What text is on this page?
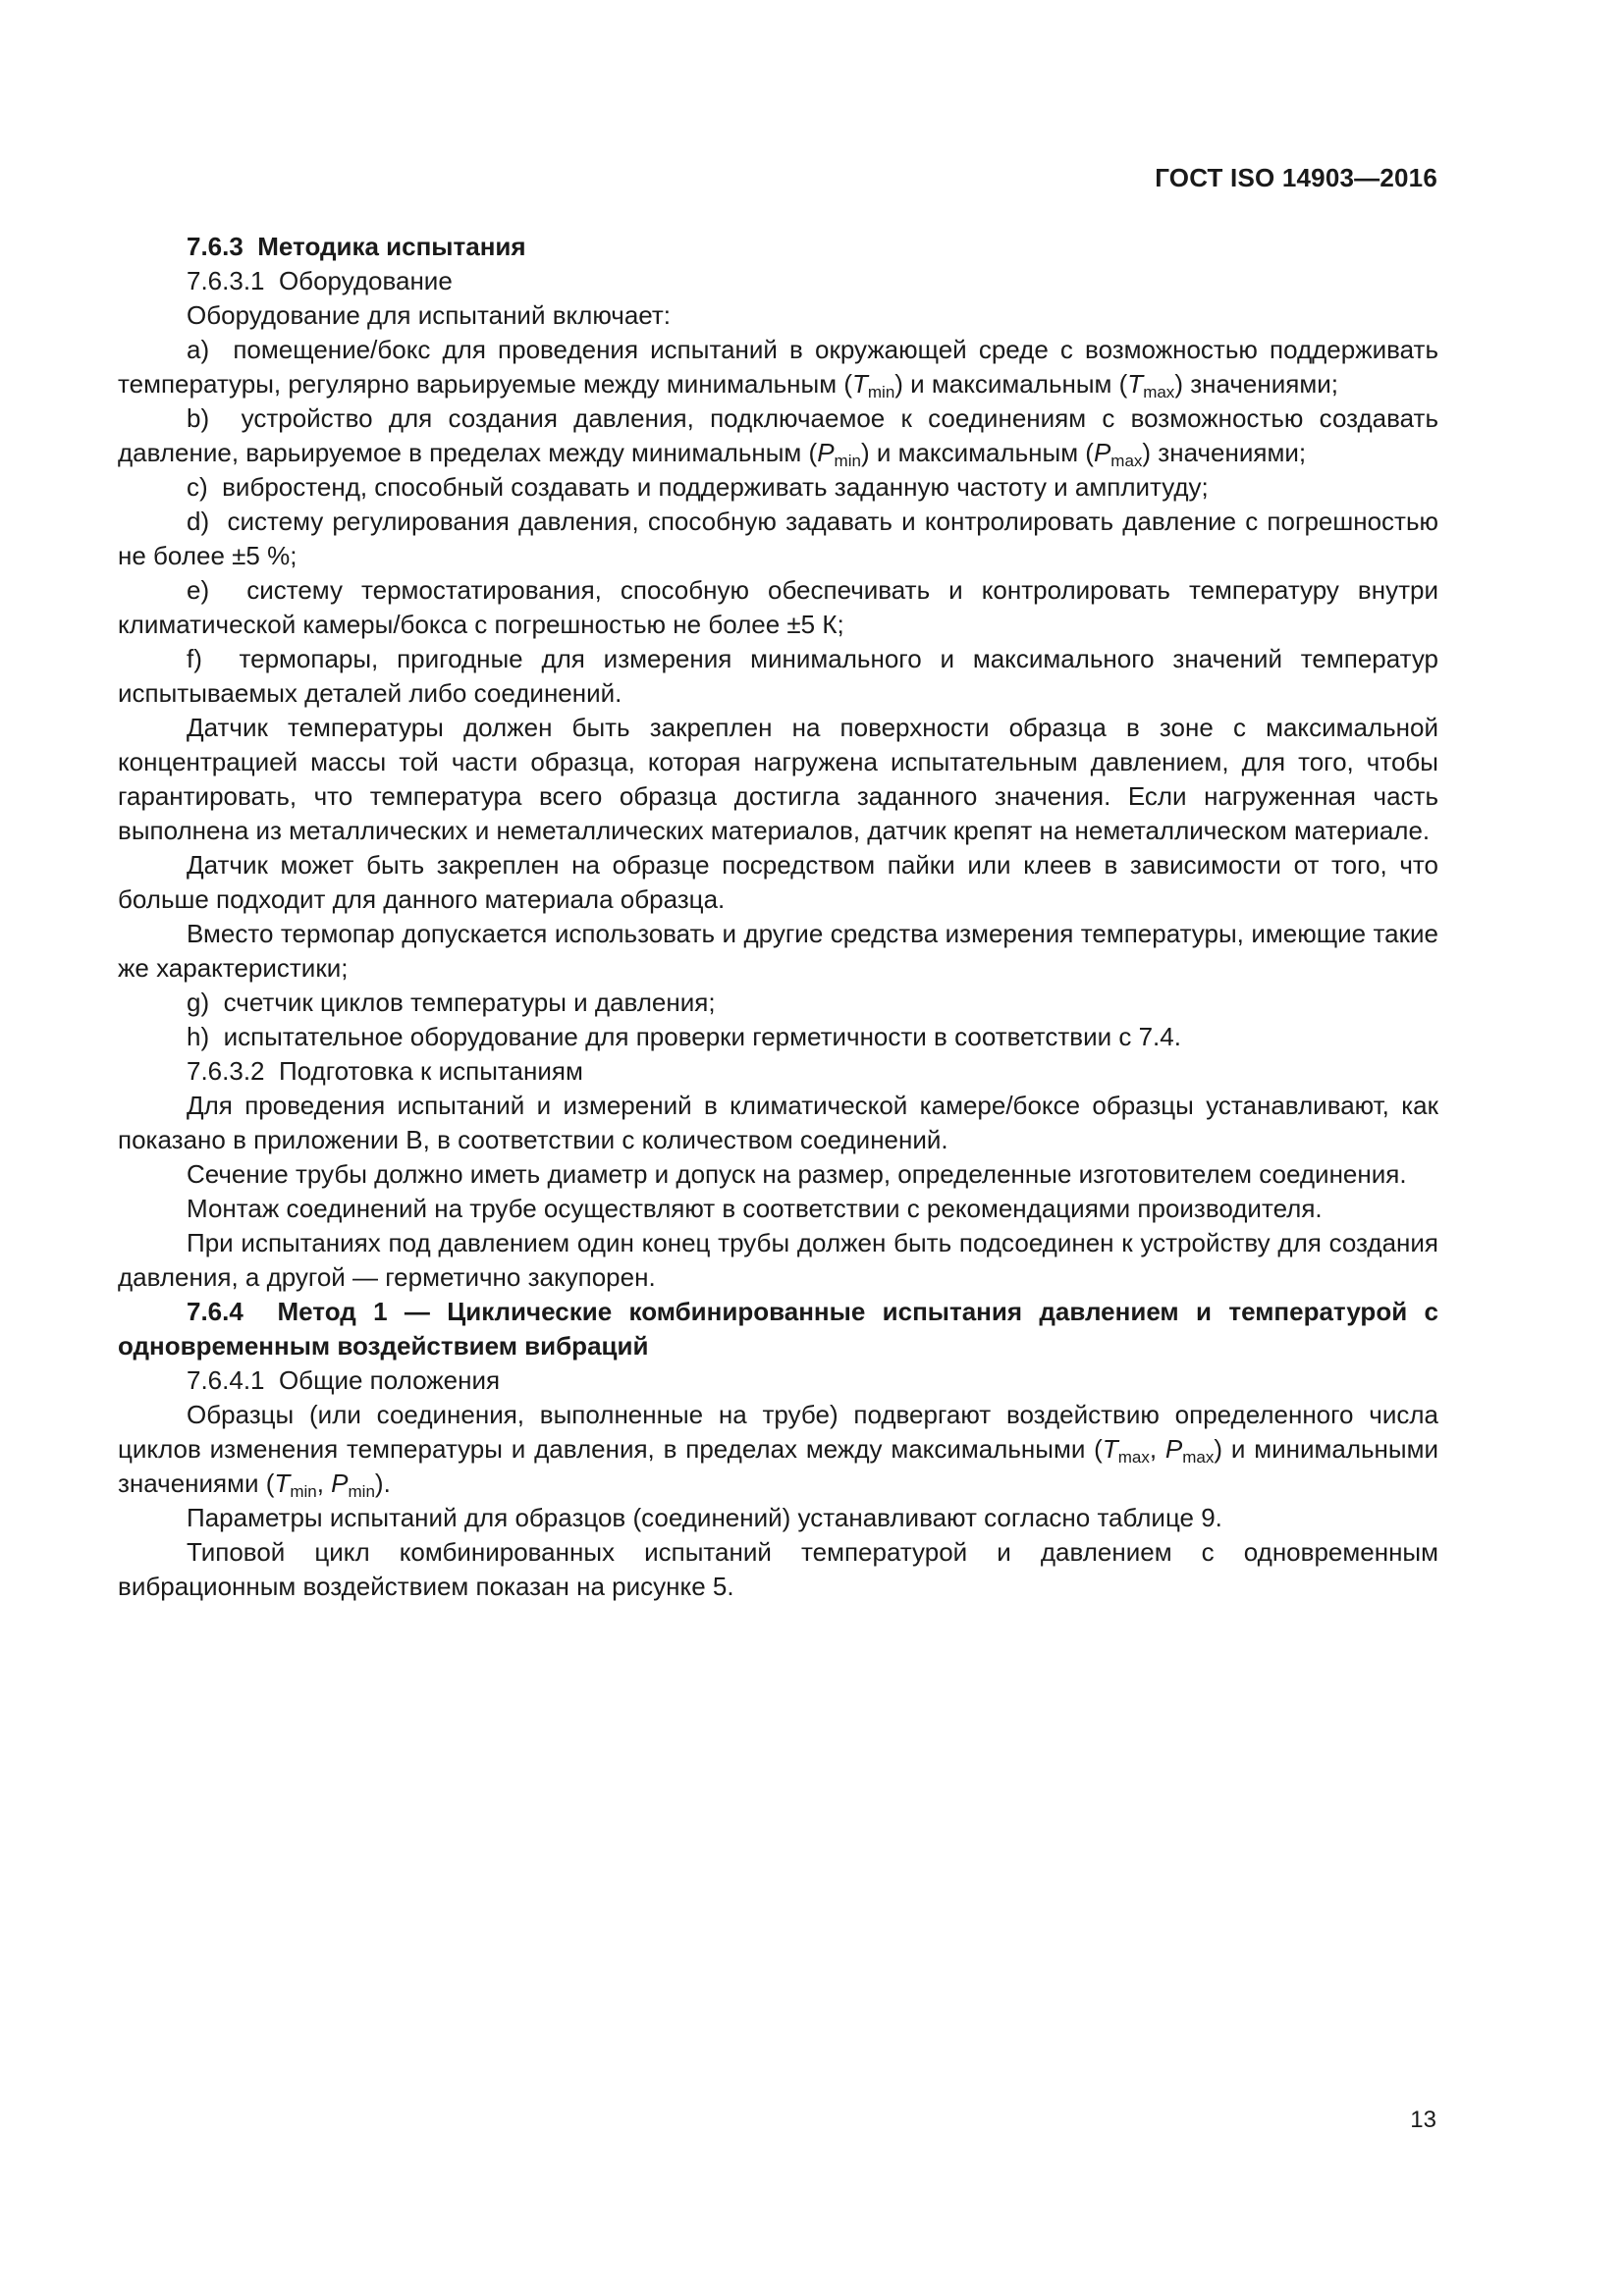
ГОСТ ISO 14903—2016

7.6.3  Методика испытания

7.6.3.1  Оборудование

Оборудование для испытаний включает:

a)  помещение/бокс для проведения испытаний в окружающей среде с возможностью поддерживать температуры, регулярно варьируемые между минимальным $(T_{min})$ и максимальным $(T_{max})$ значениями;

b)  устройство для создания давления, подключаемое к соединениям с возможностью создавать давление, варьируемое в пределах между минимальным $(P_{min})$ и максимальным $(P_{max})$ значениями;

c)  вибростенд, способный создавать и поддерживать заданную частоту и амплитуду;

d)  систему регулирования давления, способную задавать и контролировать давление с погрешностью не более ±5 %;

e)  систему термостатирования, способную обеспечивать и контролировать температуру внутри климатической камеры/бокса с погрешностью не более ±5 К;

f)  термопары, пригодные для измерения минимального и максимального значений температур испытываемых деталей либо соединений.

Датчик температуры должен быть закреплен на поверхности образца в зоне с максимальной концентрацией массы той части образца, которая нагружена испытательным давлением, для того, чтобы гарантировать, что температура всего образца достигла заданного значения. Если нагруженная часть выполнена из металлических и неметаллических материалов, датчик крепят на неметаллическом материале.

Датчик может быть закреплен на образце посредством пайки или клеев в зависимости от того, что больше подходит для данного материала образца.

Вместо термопар допускается использовать и другие средства измерения температуры, имеющие такие же характеристики;

g)  счетчик циклов температуры и давления;

h)  испытательное оборудование для проверки герметичности в соответствии с 7.4.

7.6.3.2  Подготовка к испытаниям

Для проведения испытаний и измерений в климатической камере/боксе образцы устанавливают, как показано в приложении В, в соответствии с количеством соединений.

Сечение трубы должно иметь диаметр и допуск на размер, определенные изготовителем соединения.

Монтаж соединений на трубе осуществляют в соответствии с рекомендациями производителя.

При испытаниях под давлением один конец трубы должен быть подсоединен к устройству для создания давления, а другой — герметично закупорен.

7.6.4  Метод 1 — Циклические комбинированные испытания давлением и температурой с одновременным воздействием вибраций

7.6.4.1  Общие положения

Образцы (или соединения, выполненные на трубе) подвергают воздействию определенного числа циклов изменения температуры и давления, в пределах между максимальными ($T_{max}$, $P_{max}$) и минимальными значениями ($T_{min}$, $P_{min}$).

Параметры испытаний для образцов (соединений) устанавливают согласно таблице 9.

Типовой цикл комбинированных испытаний температурой и давлением с одновременным вибрационным воздействием показан на рисунке 5.

13
